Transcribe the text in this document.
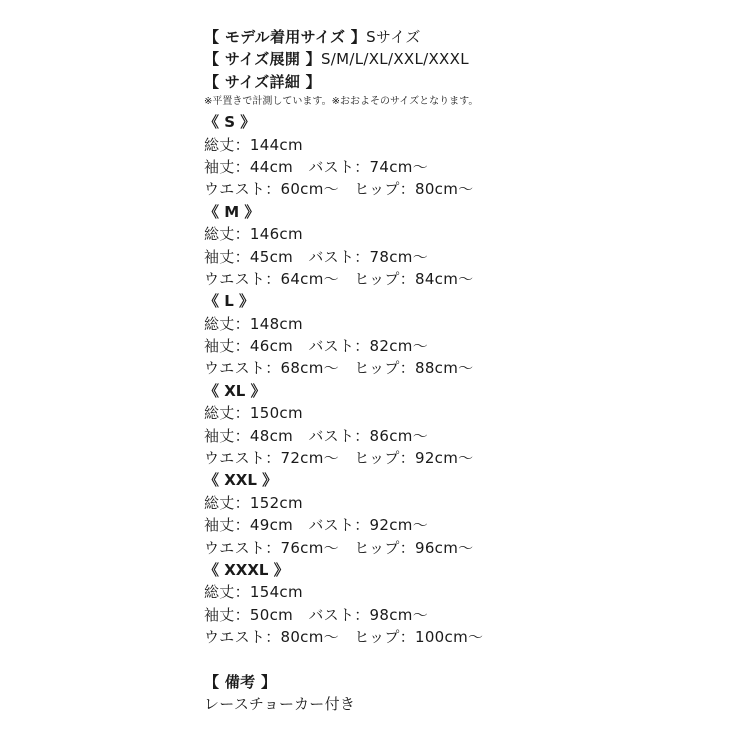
【 モデル着用サイズ 】Sサイズ
【 サイズ展開 】S/M/L/XL/XXL/XXXL
【 サイズ詳細 】
※平置きで計測しています。※おおよそのサイズとなります。
《 S 》
総丈：144cm
袖丈：44cm　バスト：74cm〜
ウエスト：60cm〜　ヒップ：80cm〜
《 M 》
総丈：146cm
袖丈：45cm　バスト：78cm〜
ウエスト：64cm〜　ヒップ：84cm〜
《 L 》
総丈：148cm
袖丈：46cm　バスト：82cm〜
ウエスト：68cm〜　ヒップ：88cm〜
《 XL 》
総丈：150cm
袖丈：48cm　バスト：86cm〜
ウエスト：72cm〜　ヒップ：92cm〜
《 XXL 》
総丈：152cm
袖丈：49cm　バスト：92cm〜
ウエスト：76cm〜　ヒップ：96cm〜
《 XXXL 》
総丈：154cm
袖丈：50cm　バスト：98cm〜
ウエスト：80cm〜　ヒップ：100cm〜
【 備考 】
レースチョーカー付き
